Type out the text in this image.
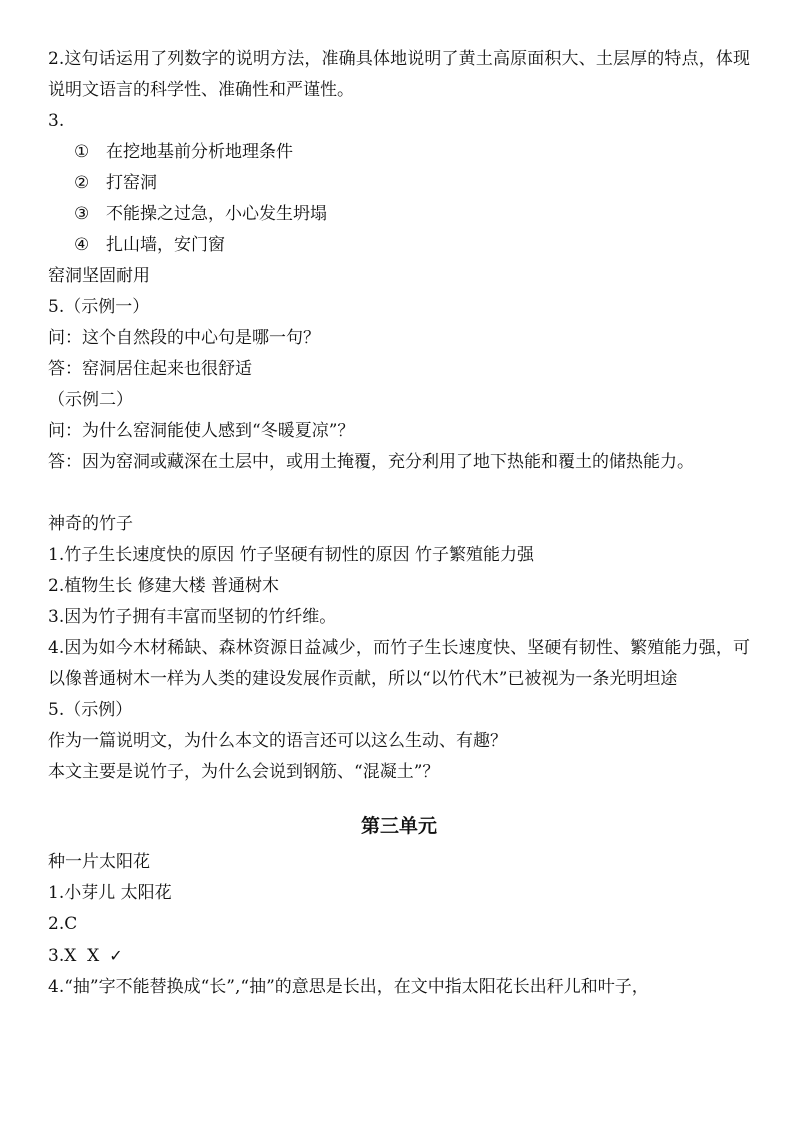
2.这句话运用了列数字的说明方法，准确具体地说明了黄土高原面积大、土层厚的特点，体现说明文语言的科学性、准确性和严谨性。
3.
① 在挖地基前分析地理条件
② 打窑洞
③ 不能操之过急，小心发生坍塌
④ 扎山墙，安门窗
窑洞坚固耐用
5.（示例一）
问：这个自然段的中心句是哪一句？
答：窑洞居住起来也很舒适
（示例二）
问：为什么窑洞能使人感到“冬暖夏凉”？
答：因为窑洞或藏深在土层中，或用土掩覆，充分利用了地下热能和覆土的储热能力。
神奇的竹子
1.竹子生长速度快的原因 竹子坚硬有韧性的原因 竹子繁殖能力强
2.植物生长 修建大楼 普通树木
3.因为竹子拥有丰富而坚韧的竹纤维。
4.因为如今木材稀缺、森林资源日益减少，而竹子生长速度快、坚硬有韧性、繁殖能力强，可以像普通树木一样为人类的建设发展作贡献，所以“以竹代木”已被视为一条光明坦途
5.（示例）
作为一篇说明文，为什么本文的语言还可以这么生动、有趣？
本文主要是说竹子，为什么会说到钢筋、“混凝土”？
第三单元
种一片太阳花
1.小芽儿 太阳花
2.C
3.X  X ✓
4.“抽”字不能替换成“长”,“抽”的意思是长出，在文中指太阳花长出秆儿和叶子，
